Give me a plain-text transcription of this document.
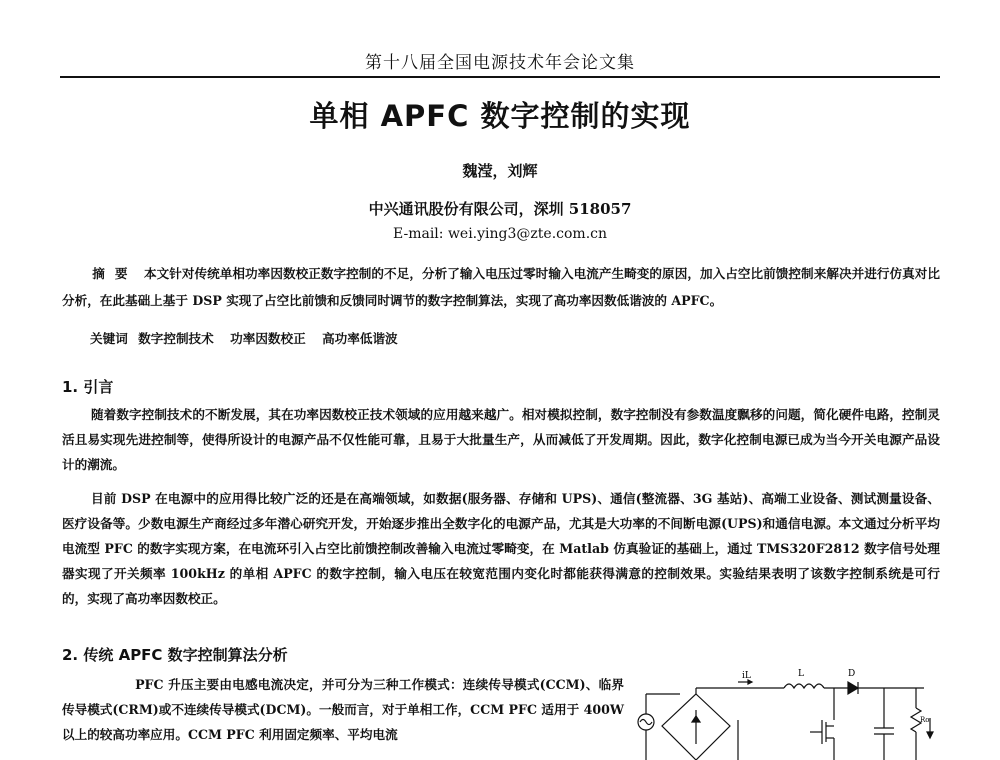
第十八届全国电源技术年会论文集
单相 APFC 数字控制的实现
魏滢，刘辉
中兴通讯股份有限公司，深圳 518057
E-mail: wei.ying3@zte.com.cn
摘要 本文针对传统单相功率因数校正数字控制的不足，分析了输入电压过零时输入电流产生畸变的原因，加入占空比前馈控制来解决并进行仿真对比分析，在此基础上基于 DSP 实现了占空比前馈和反馈同时调节的数字控制算法，实现了高功率因数低谐波的 APFC。
关键词 数字控制技术 功率因数校正 高功率低谐波
1. 引言
随着数字控制技术的不断发展，其在功率因数校正技术领域的应用越来越广。相对模拟控制，数字控制没有参数温度飘移的问题，简化硬件电路，控制灵活且易实现先进控制等，使得所设计的电源产品不仅性能可靠，且易于大批量生产，从而减低了开发周期。因此，数字化控制电源已成为当今开关电源产品设计的潮流。
目前 DSP 在电源中的应用得比较广泛的还是在高端领域，如数据(服务器、存储和 UPS)、通信(整流器、3G 基站)、高端工业设备、测试测量设备、医疗设备等。少数电源生产商经过多年潜心研究开发，开始逐步推出全数字化的电源产品，尤其是大功率的不间断电源(UPS)和通信电源。本文通过分析平均电流型 PFC 的数字实现方案，在电流环引入占空比前馈控制改善输入电流过零畸变，在 Matlab 仿真验证的基础上，通过 TMS320F2812 数字信号处理器实现了开关频率 100kHz 的单相 APFC 的数字控制，输入电压在较宽范围内变化时都能获得满意的控制效果。实验结果表明了该数字控制系统是可行的，实现了高功率因数校正。
2. 传统 APFC 数字控制算法分析
PFC 升压主要由电感电流决定，并可分为三种工作模式：连续传导模式(CCM)、临界传导模式(CRM)或不连续传导模式(DCM)。一般而言，对于单相工作，CCM PFC 适用于 400W 以上的较高功率应用。CCM PFC 利用固定频率、平均电流
iL	L	D
Ro
